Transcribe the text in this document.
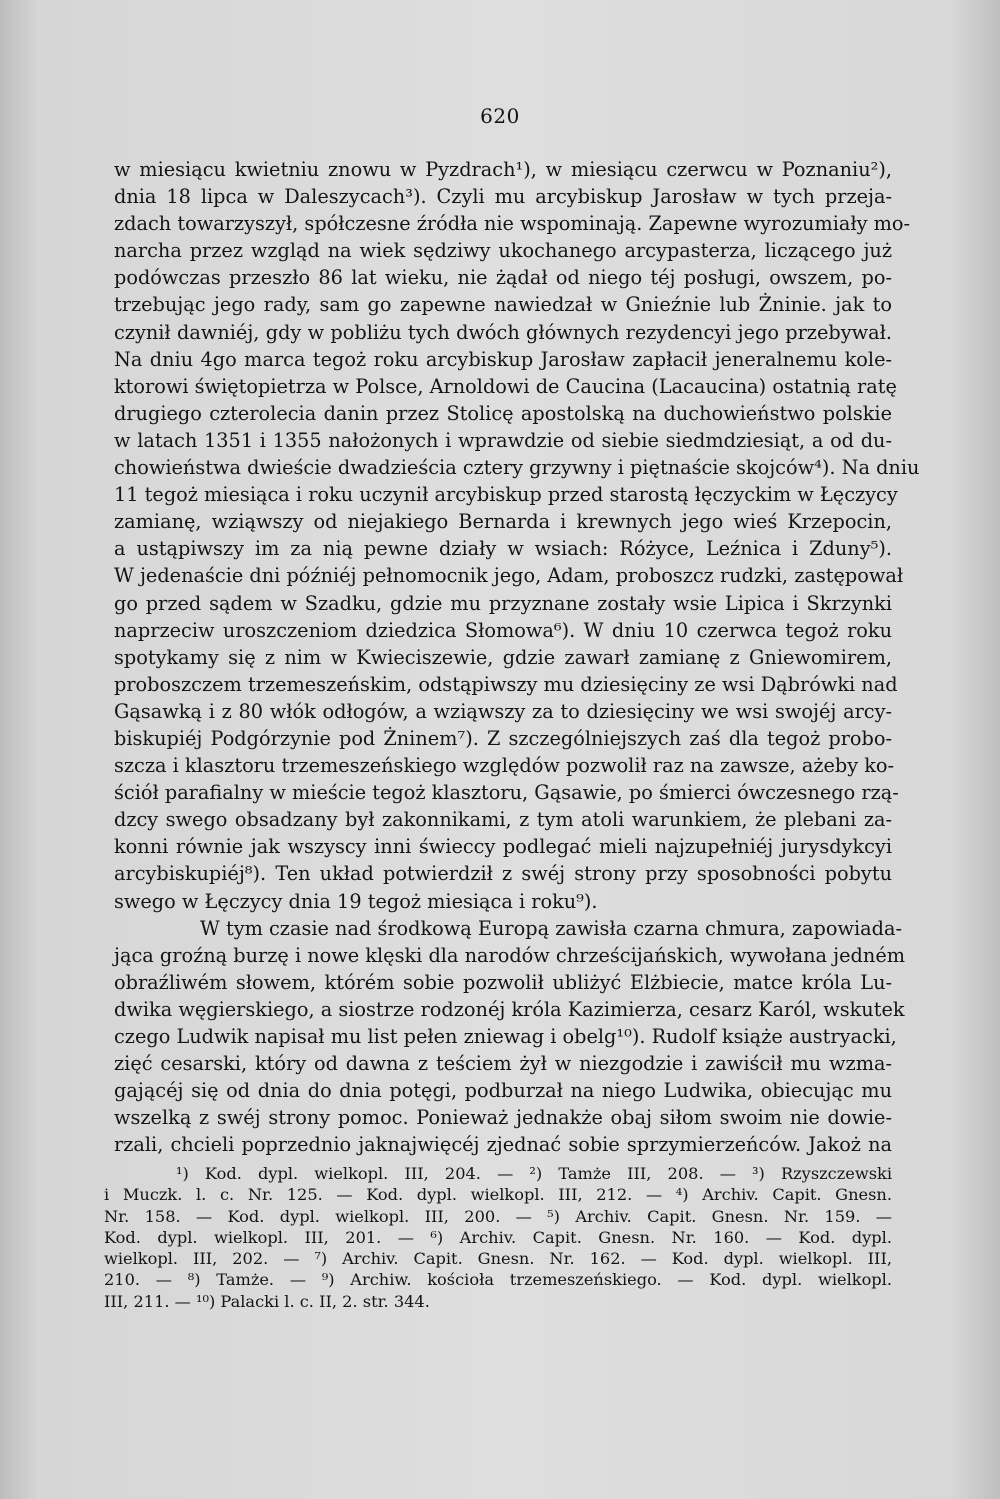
620
w miesiącu kwietniu znowu w Pyzdrach¹), w miesiącu czerwcu w Poznaniu²),
dnia 18 lipca w Daleszycach³). Czyli mu arcybiskup Jarosław w tych przeja-
zdach towarzyszył, spółczesne źródła nie wspominają. Zapewne wyrozumiały mo-
narcha przez wzgląd na wiek sędziwy ukochanego arcypasterza, liczącego już
podówczas przeszło 86 lat wieku, nie żądał od niego téj posługi, owszem, po-
trzebując jego rady, sam go zapewne nawiedzał w Gnieźnie lub Żninie. jak to
czynił dawniéj, gdy w pobliżu tych dwóch głównych rezydencyi jego przebywał.
Na dniu 4go marca tegoż roku arcybiskup Jarosław zapłacił jeneralnemu kole-
ktorowi świętopietrza w Polsce, Arnoldowi de Caucina (Lacaucina) ostatnią ratę
drugiego czterolecia danin przez Stolicę apostolską na duchowieństwo polskie
w latach 1351 i 1355 nałożonych i wprawdzie od siebie siedmdziesiąt, a od du-
chowieństwa dwieście dwadzieścia cztery grzywny i piętnaście skojców⁴). Na dniu
11 tegoż miesiąca i roku uczynił arcybiskup przed starostą łęczyckim w Łęczycy
zamianę, wziąwszy od niejakiego Bernarda i krewnych jego wieś Krzepocin,
a ustąpiwszy im za nią pewne działy w wsiach: Różyce, Leźnica i Zduny⁵).
W jedenaście dni późniéj pełnomocnik jego, Adam, proboszcz rudzki, zastępował
go przed sądem w Szadku, gdzie mu przyznane zostały wsie Lipica i Skrzynki
naprzeciw uroszczeniom dziedzica Słomowa⁶). W dniu 10 czerwca tegoż roku
spotykamy się z nim w Kwieciszewie, gdzie zawarł zamianę z Gniewomirem,
proboszczem trzemeszeńskim, odstąpiwszy mu dziesięciny ze wsi Dąbrówki nad
Gąsawką i z 80 włók odłogów, a wziąwszy za to dziesięciny we wsi swojéj arcy-
biskupiéj Podgórzynie pod Żninem⁷). Z szczególniejszych zaś dla tegoż probo-
szcza i klasztoru trzemeszeńskiego względów pozwolił raz na zawsze, ażeby ko-
ściół parafialny w mieście tegoż klasztoru, Gąsawie, po śmierci ówczesnego rzą-
dzcy swego obsadzany był zakonnikami, z tym atoli warunkiem, że plebani za-
konni równie jak wszyscy inni świeccy podlegać mieli najzupełniéj jurysdykcyi
arcybiskupiéj⁸). Ten układ potwierdził z swéj strony przy sposobności pobytu
swego w Łęczycy dnia 19 tegoż miesiąca i roku⁹).
W tym czasie nad środkową Europą zawisła czarna chmura, zapowiada-
jąca groźną burzę i nowe klęski dla narodów chrześcijańskich, wywołana jedném
obraźliwém słowem, którém sobie pozwolił ubliżyć Elżbiecie, matce króla Lu-
dwika węgierskiego, a siostrze rodzonéj króla Kazimierza, cesarz Karól, wskutek
czego Ludwik napisał mu list pełen zniewag i obelg¹⁰). Rudolf książe austryacki,
zięć cesarski, który od dawna z teściem żył w niezgodzie i zawiścił mu wzma-
gającéj się od dnia do dnia potęgi, podburzał na niego Ludwika, obiecując mu
wszelką z swéj strony pomoc. Ponieważ jednakże obaj siłom swoim nie dowie-
rzali, chcieli poprzednio jaknajwięcéj zjednać sobie sprzymierzeńców. Jakoż na
¹) Kod. dypl. wielkopl. III, 204. — ²) Tamże III, 208. — ³) Rzyszczewski
i Muczk. l. c. Nr. 125. — Kod. dypl. wielkopl. III, 212. — ⁴) Archiv. Capit. Gnesn.
Nr. 158. — Kod. dypl. wielkopl. III, 200. — ⁵) Archiv. Capit. Gnesn. Nr. 159. —
Kod. dypl. wielkopl. III, 201. — ⁶) Archiv. Capit. Gnesn. Nr. 160. — Kod. dypl.
wielkopl. III, 202. — ⁷) Archiv. Capit. Gnesn. Nr. 162. — Kod. dypl. wielkopl. III,
210. — ⁸) Tamże. — ⁹) Archiw. kościoła trzemeszeńskiego. — Kod. dypl. wielkopl.
III, 211. — ¹⁰) Palacki l. c. II, 2. str. 344.
